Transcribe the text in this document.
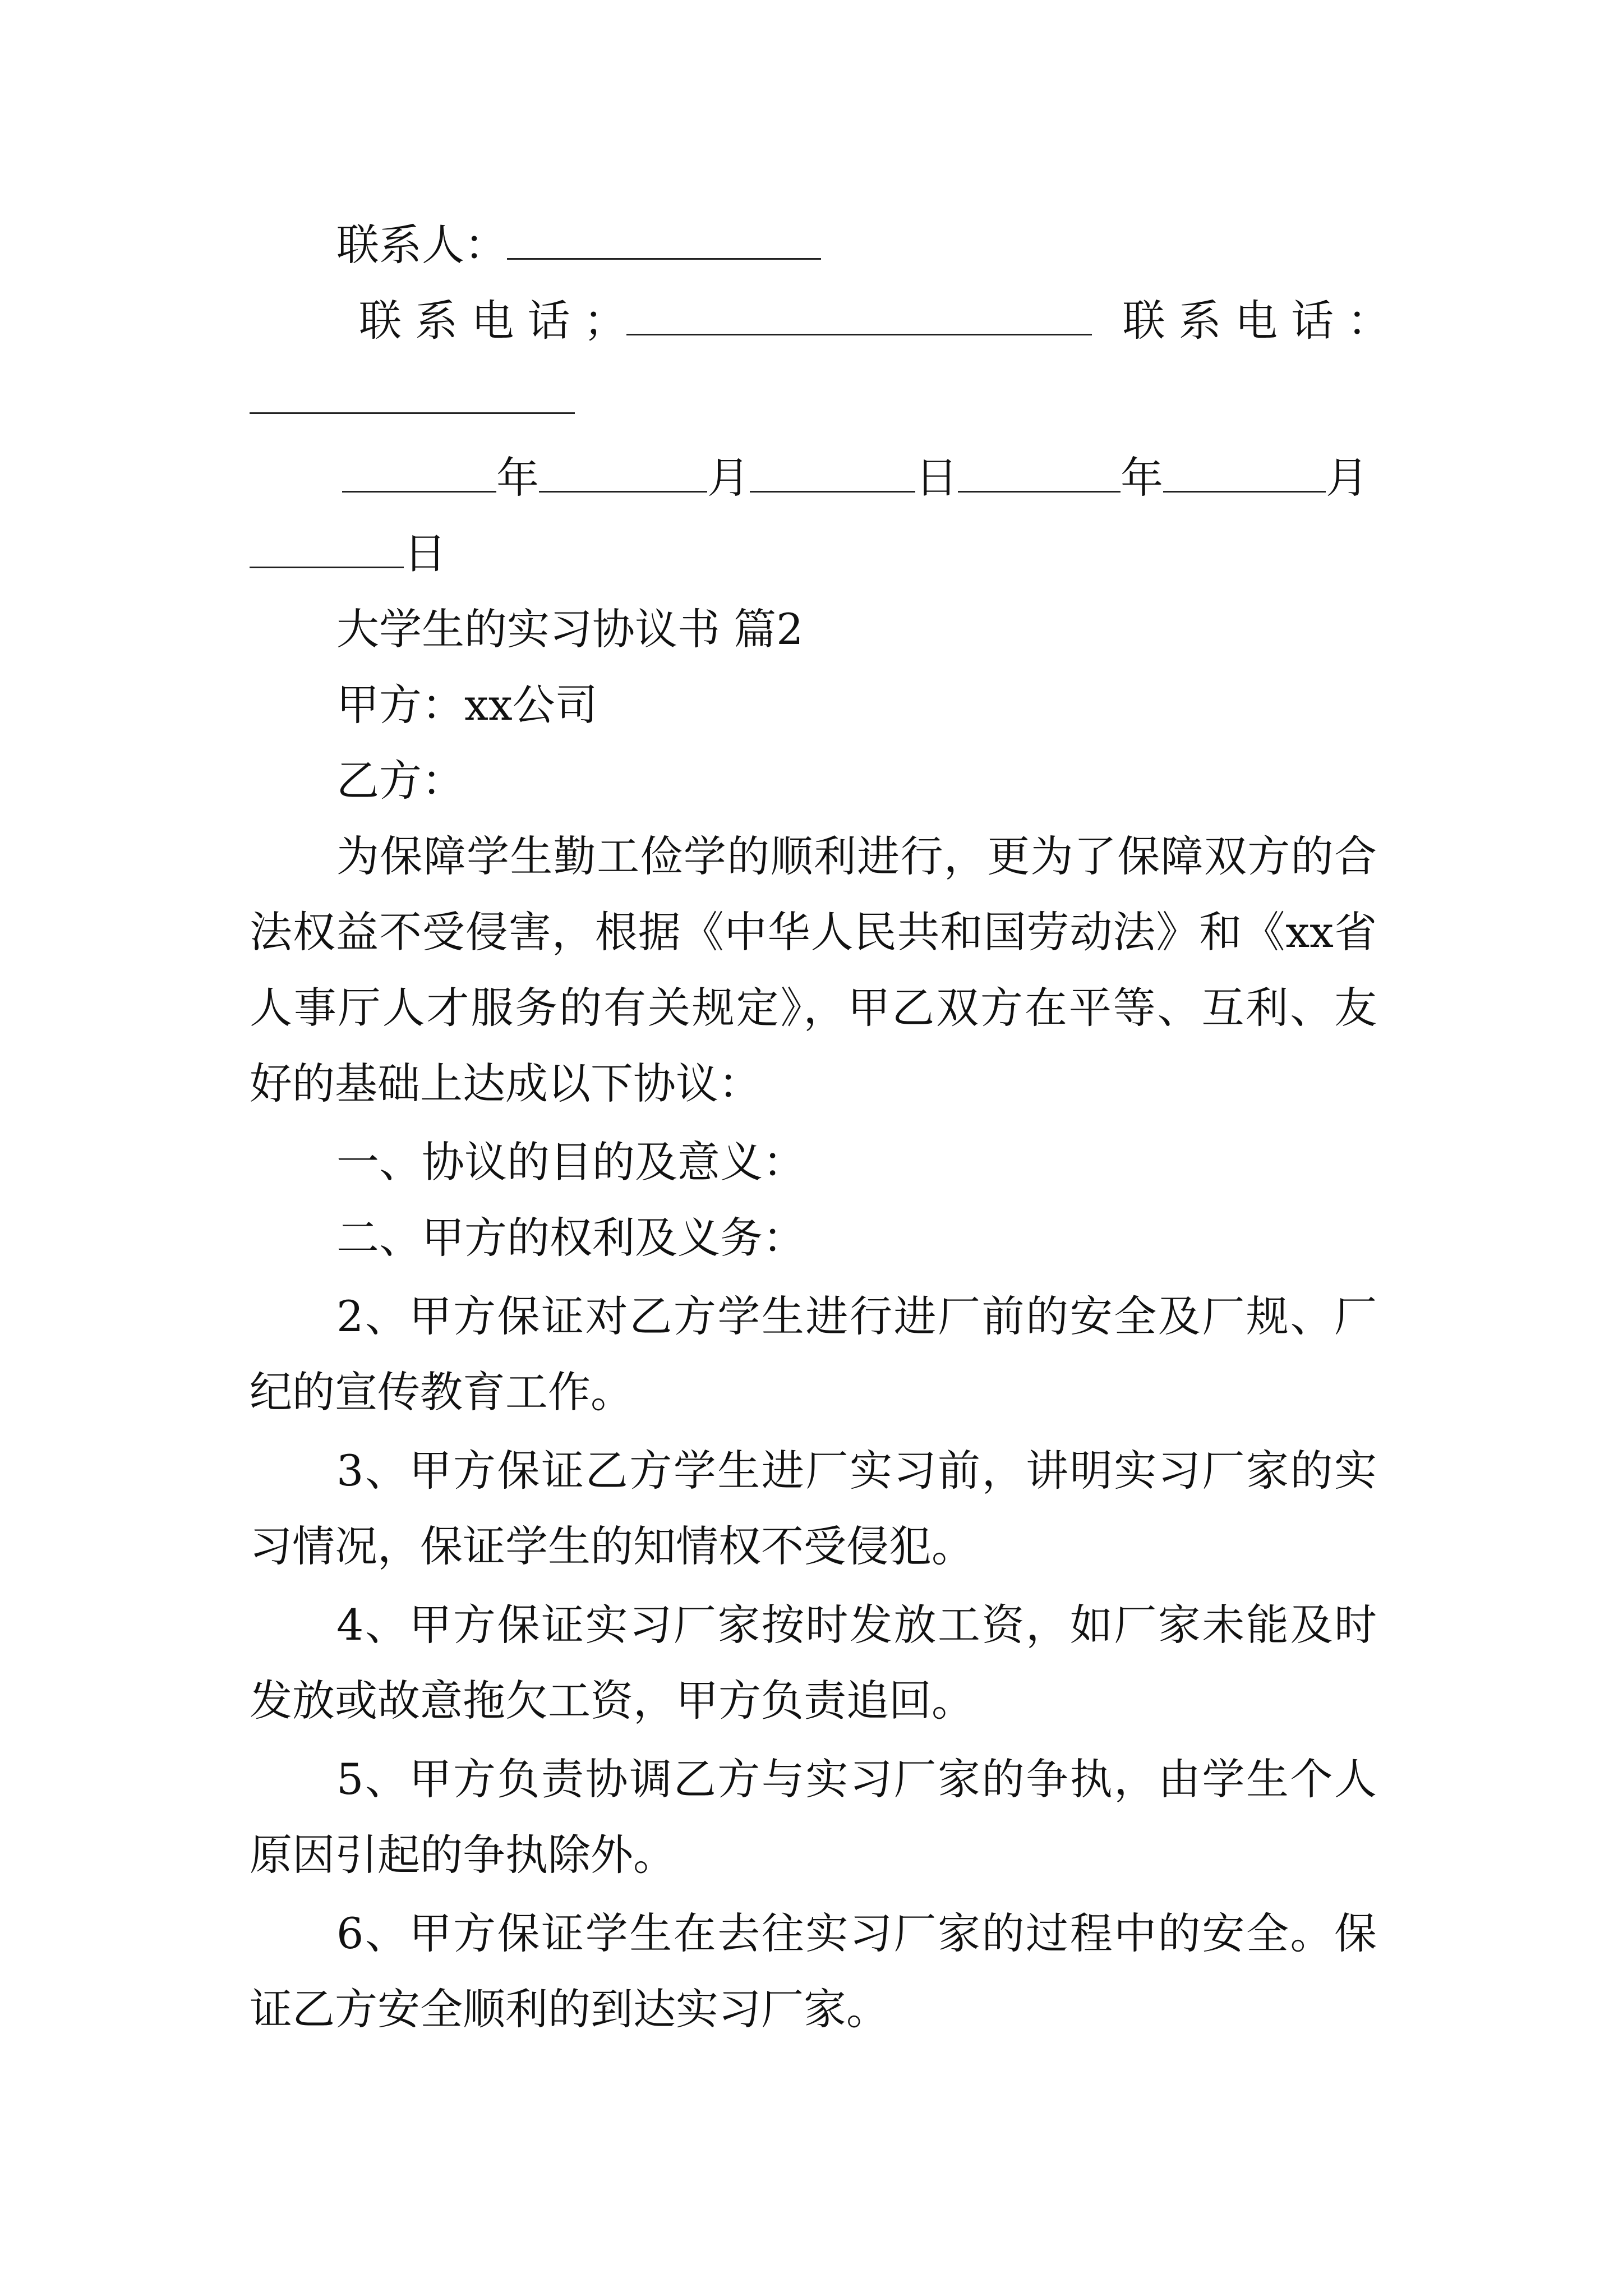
联系人：
联 系 电 话 ；	联 系 电 话 ：
年	月	日	年	月
日
大学生的实习协议书 篇2
甲方：xx公司
乙方：
为保障学生勤工俭学的顺利进行，更为了保障双方的合
法权益不受侵害，根据《中华人民共和国劳动法》和《xx省
人事厅人才服务的有关规定》，甲乙双方在平等、互利、友
好的基础上达成以下协议：
一、协议的目的及意义：
二、甲方的权利及义务：
2、甲方保证对乙方学生进行进厂前的安全及厂规、厂
纪的宣传教育工作。
3、甲方保证乙方学生进厂实习前，讲明实习厂家的实
习情况，保证学生的知情权不受侵犯。
4、甲方保证实习厂家按时发放工资，如厂家未能及时
发放或故意拖欠工资，甲方负责追回。
5、甲方负责协调乙方与实习厂家的争执，由学生个人
原因引起的争执除外。
6、甲方保证学生在去往实习厂家的过程中的安全。保
证乙方安全顺利的到达实习厂家。
